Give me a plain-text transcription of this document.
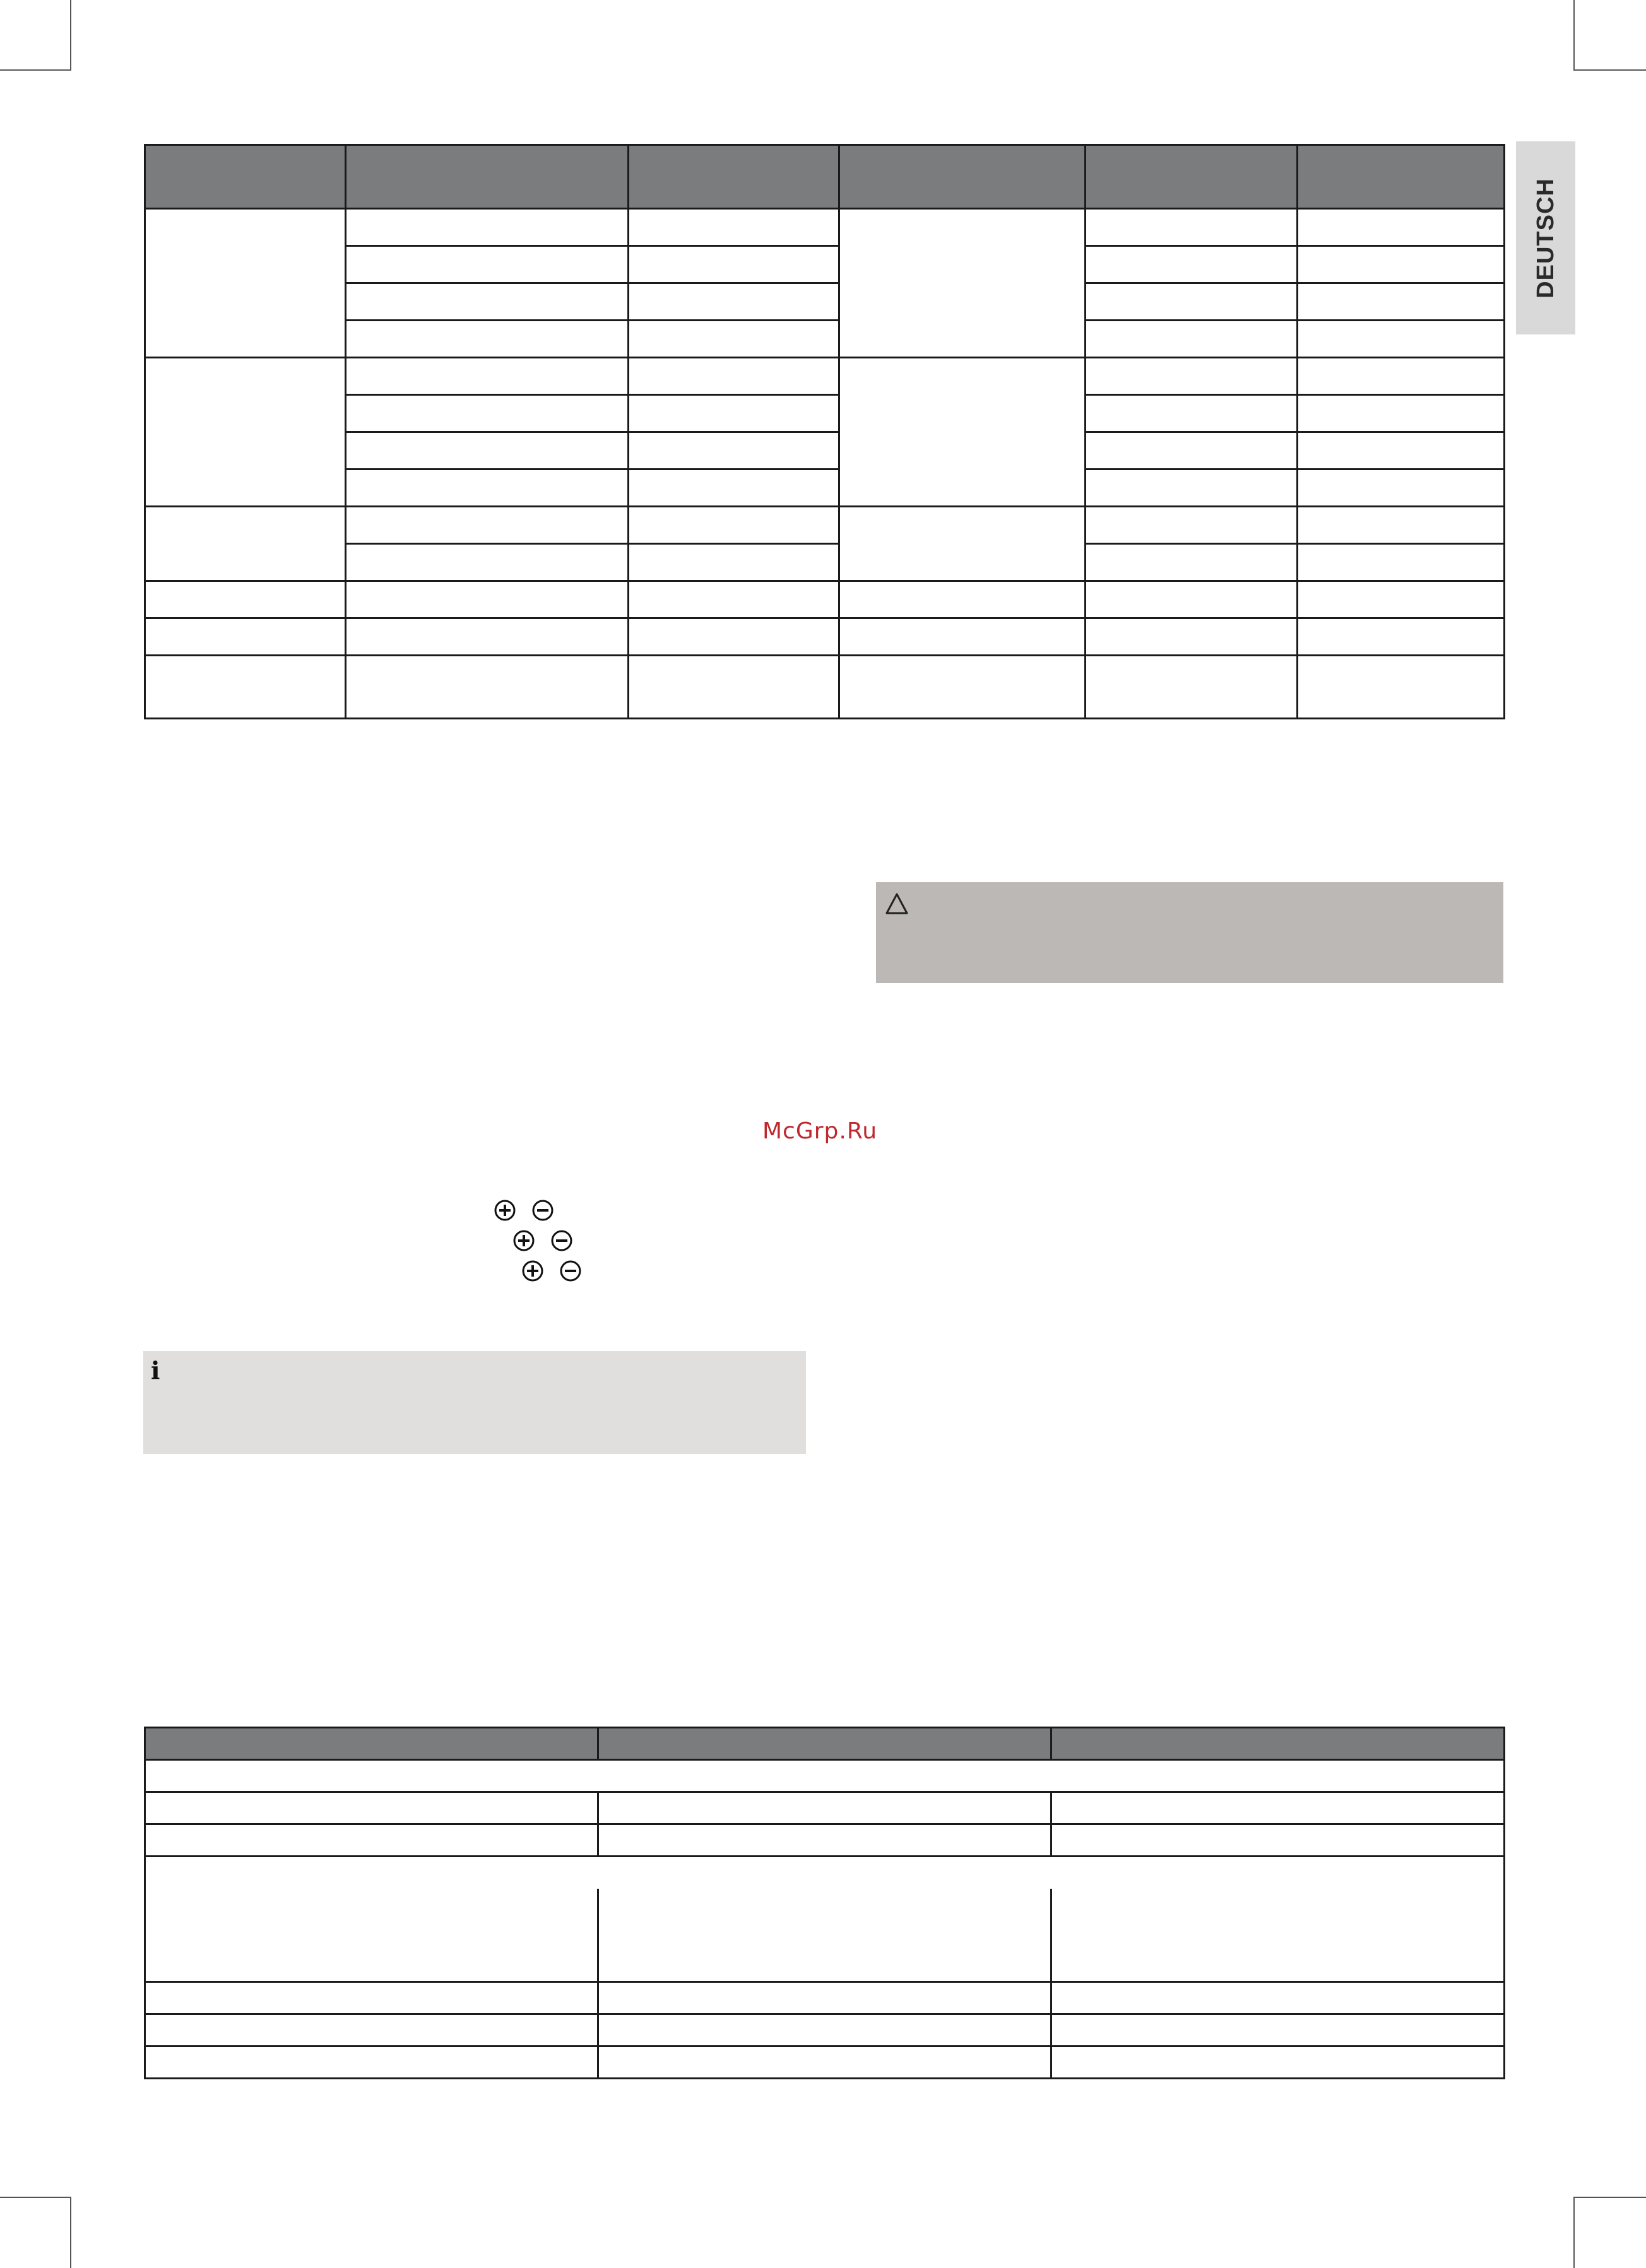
DEUTSCH

McGrp.Ru
i
